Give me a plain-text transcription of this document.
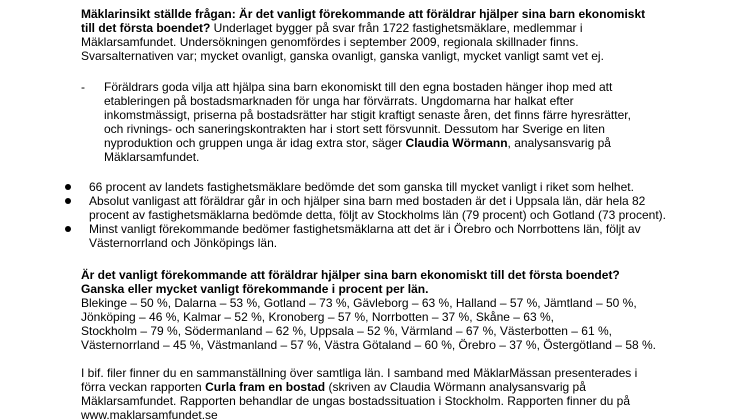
Mäklarinsikt ställde frågan: Är det vanligt förekommande att föräldrar hjälper sina barn ekonomiskt
till det första boendet? Underlaget bygger på svar från 1722 fastighetsmäklare, medlemmar i
Mäklarsamfundet. Undersökningen genomfördes i september 2009, regionala skillnader finns.
Svarsalternativen var; mycket ovanligt, ganska ovanligt, ganska vanligt, mycket vanligt samt vet ej.
- Föräldrars goda vilja att hjälpa sina barn ekonomiskt till den egna bostaden hänger ihop med att
etableringen på bostadsmarknaden för unga har förvärrats. Ungdomarna har halkat efter
inkomstmässigt, priserna på bostadsrätter har stigit kraftigt senaste åren, det finns färre hyresrätter,
och rivnings- och saneringskontrakten har i stort sett försvunnit. Dessutom har Sverige en liten
nyproduktion och gruppen unga är idag extra stor, säger Claudia Wörmann, analysansvarig på
Mäklarsamfundet.
66 procent av landets fastighetsmäklare bedömde det som ganska till mycket vanligt i riket som helhet.
Absolut vanligast att föräldrar går in och hjälper sina barn med bostaden är det i Uppsala län, där hela 82
procent av fastighetsmäklarna bedömde detta, följt av Stockholms län (79 procent) och Gotland (73 procent).
Minst vanligt förekommande bedömer fastighetsmäklarna att det är i Örebro och Norrbottens län, följt av
Västernorrland och Jönköpings län.
Är det vanligt förekommande att föräldrar hjälper sina barn ekonomiskt till det första boendet?
Ganska eller mycket vanligt förekommande i procent per län.
Blekinge – 50 %, Dalarna – 53 %, Gotland – 73 %, Gävleborg – 63 %, Halland – 57 %, Jämtland – 50 %,
Jönköping – 46 %, Kalmar – 52 %, Kronoberg – 57 %, Norrbotten – 37 %, Skåne – 63 %,
Stockholm – 79 %, Södermanland – 62 %, Uppsala – 52 %, Värmland – 67 %, Västerbotten – 61 %,
Västernorrland – 45 %, Västmanland – 57 %, Västra Götaland – 60 %, Örebro – 37 %, Östergötland – 58 %.
I bif. filer finner du en sammanställning över samtliga län. I samband med MäklarMässan presenterades i
förra veckan rapporten Curla fram en bostad (skriven av Claudia Wörmann analysansvarig på
Mäklarsamfundet. Rapporten behandlar de ungas bostadssituation i Stockholm. Rapporten finner du på
www.maklarsamfundet.se
